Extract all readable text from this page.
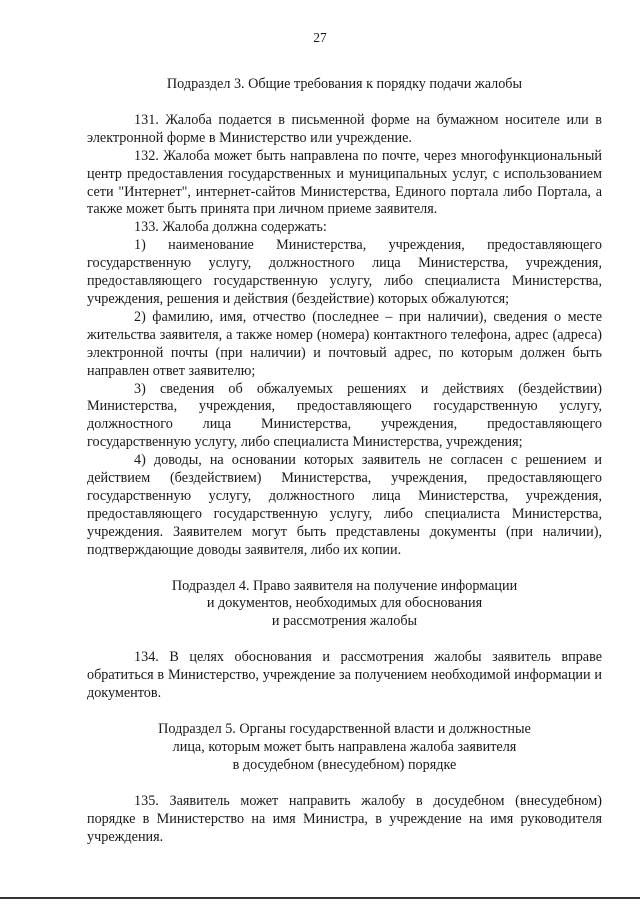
27
Подраздел 3. Общие требования к порядку подачи жалобы

131. Жалоба подается в письменной форме на бумажном носителе или в электронной форме в Министерство или учреждение.

132. Жалоба может быть направлена по почте, через многофункциональный центр предоставления государственных и муниципальных услуг, с использованием сети "Интернет", интернет-сайтов Министерства, Единого портала либо Портала, а также может быть принята при личном приеме заявителя.

133. Жалоба должна содержать:

1) наименование Министерства, учреждения, предоставляющего государственную услугу, должностного лица Министерства, учреждения, предоставляющего государственную услугу, либо специалиста Министерства, учреждения, решения и действия (бездействие) которых обжалуются;

2) фамилию, имя, отчество (последнее – при наличии), сведения о месте жительства заявителя, а также номер (номера) контактного телефона, адрес (адреса) электронной почты (при наличии) и почтовый адрес, по которым должен быть направлен ответ заявителю;

3) сведения об обжалуемых решениях и действиях (бездействии) Министерства, учреждения, предоставляющего государственную услугу, должностного лица Министерства, учреждения, предоставляющего государственную услугу, либо специалиста Министерства, учреждения;

4) доводы, на основании которых заявитель не согласен с решением и действием (бездействием) Министерства, учреждения, предоставляющего государственную услугу, должностного лица Министерства, учреждения, предоставляющего государственную услугу, либо специалиста Министерства, учреждения. Заявителем могут быть представлены документы (при наличии), подтверждающие доводы заявителя, либо их копии.

Подраздел 4. Право заявителя на получение информации
и документов, необходимых для обоснования
и рассмотрения жалобы

134. В целях обоснования и рассмотрения жалобы заявитель вправе обратиться в Министерство, учреждение за получением необходимой информации и документов.

Подраздел 5. Органы государственной власти и должностные
лица, которым может быть направлена жалоба заявителя
в досудебном (внесудебном) порядке

135. Заявитель может направить жалобу в досудебном (внесудебном) порядке в Министерство на имя Министра, в учреждение на имя руководителя учреждения.
